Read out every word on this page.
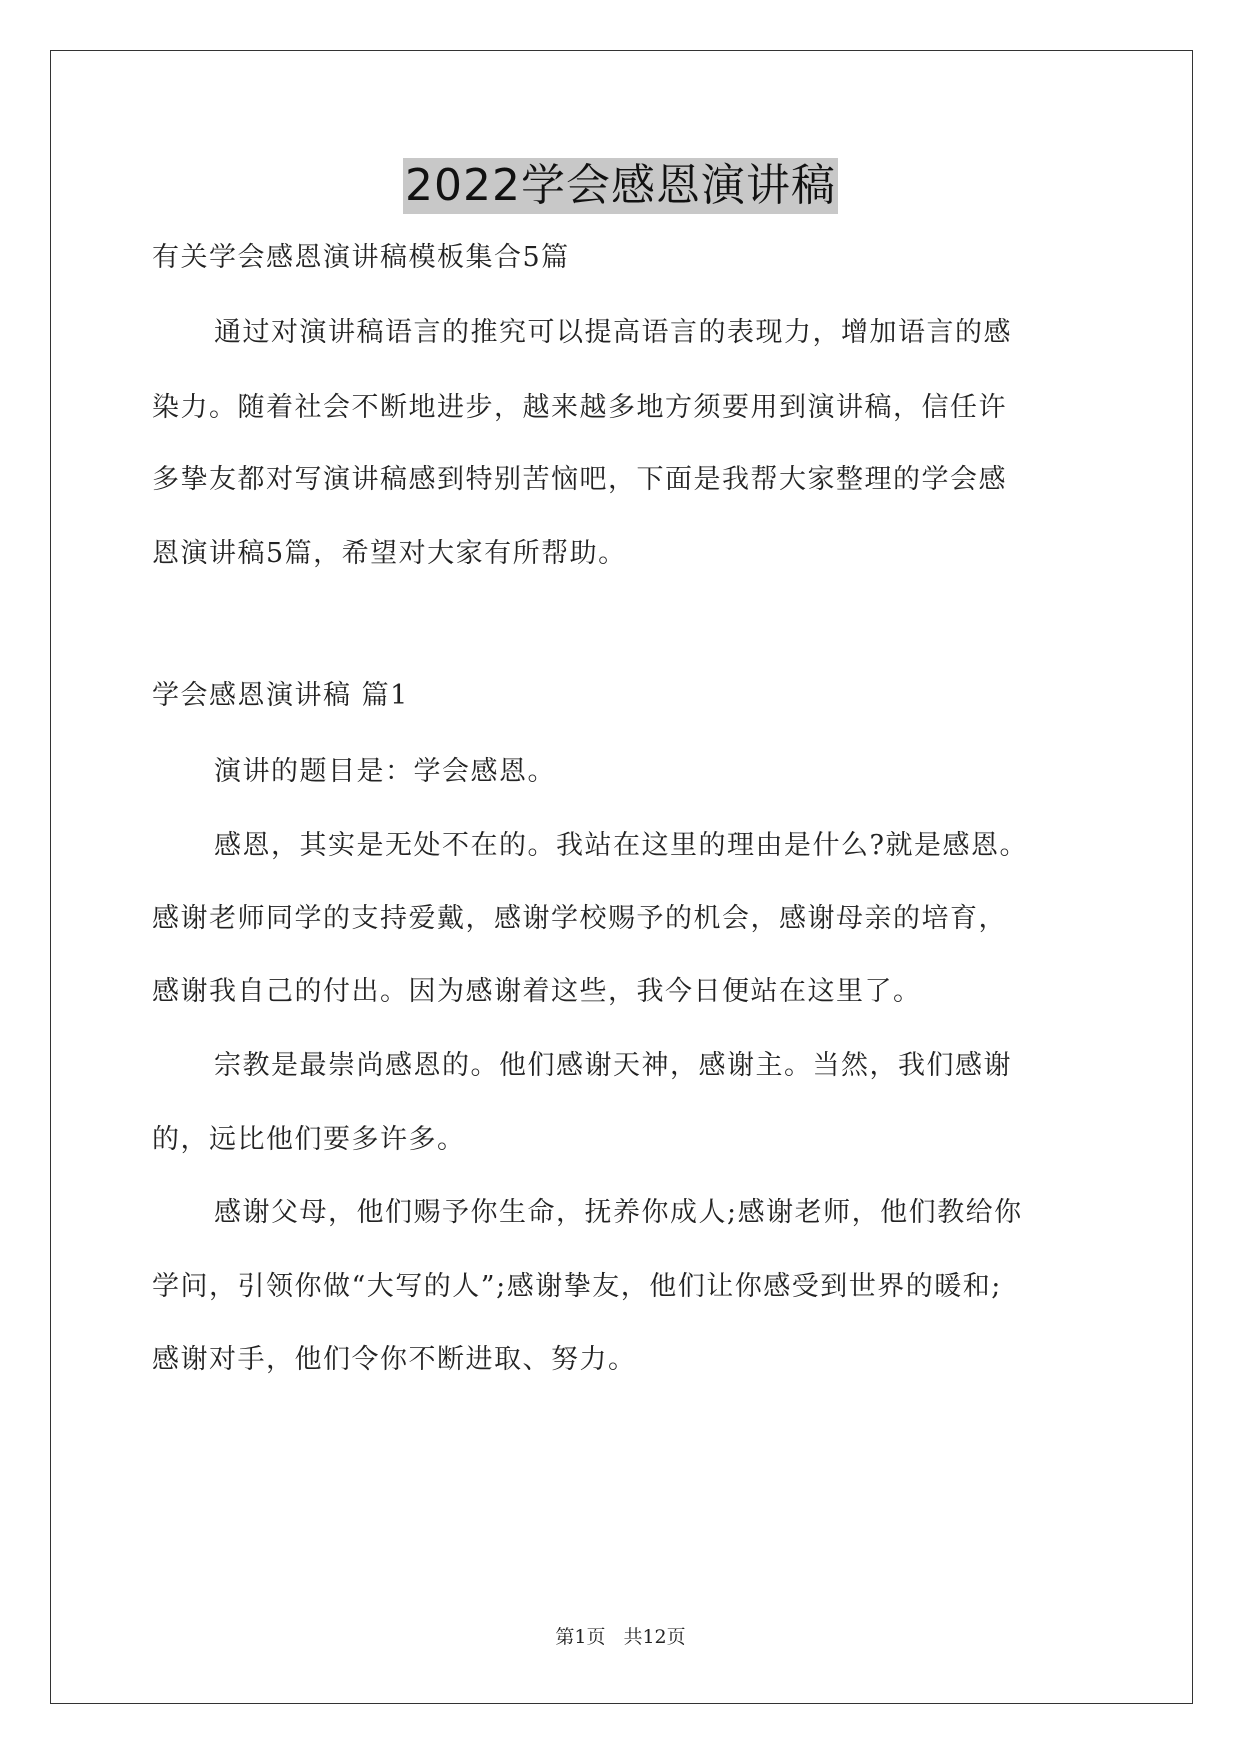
2022学会感恩演讲稿
有关学会感恩演讲稿模板集合5篇
通过对演讲稿语言的推究可以提高语言的表现力，增加语言的感
染力。随着社会不断地进步，越来越多地方须要用到演讲稿，信任许
多挚友都对写演讲稿感到特别苦恼吧，下面是我帮大家整理的学会感
恩演讲稿5篇，希望对大家有所帮助。
学会感恩演讲稿 篇1
演讲的题目是：学会感恩。
感恩，其实是无处不在的。我站在这里的理由是什么?就是感恩。
感谢老师同学的支持爱戴，感谢学校赐予的机会，感谢母亲的培育，
感谢我自己的付出。因为感谢着这些，我今日便站在这里了。
宗教是最崇尚感恩的。他们感谢天神，感谢主。当然，我们感谢
的，远比他们要多许多。
感谢父母，他们赐予你生命，抚养你成人;感谢老师，他们教给你
学问，引领你做“大写的人”;感谢挚友，他们让你感受到世界的暖和;
感谢对手，他们令你不断进取、努力。
第1页 共12页
